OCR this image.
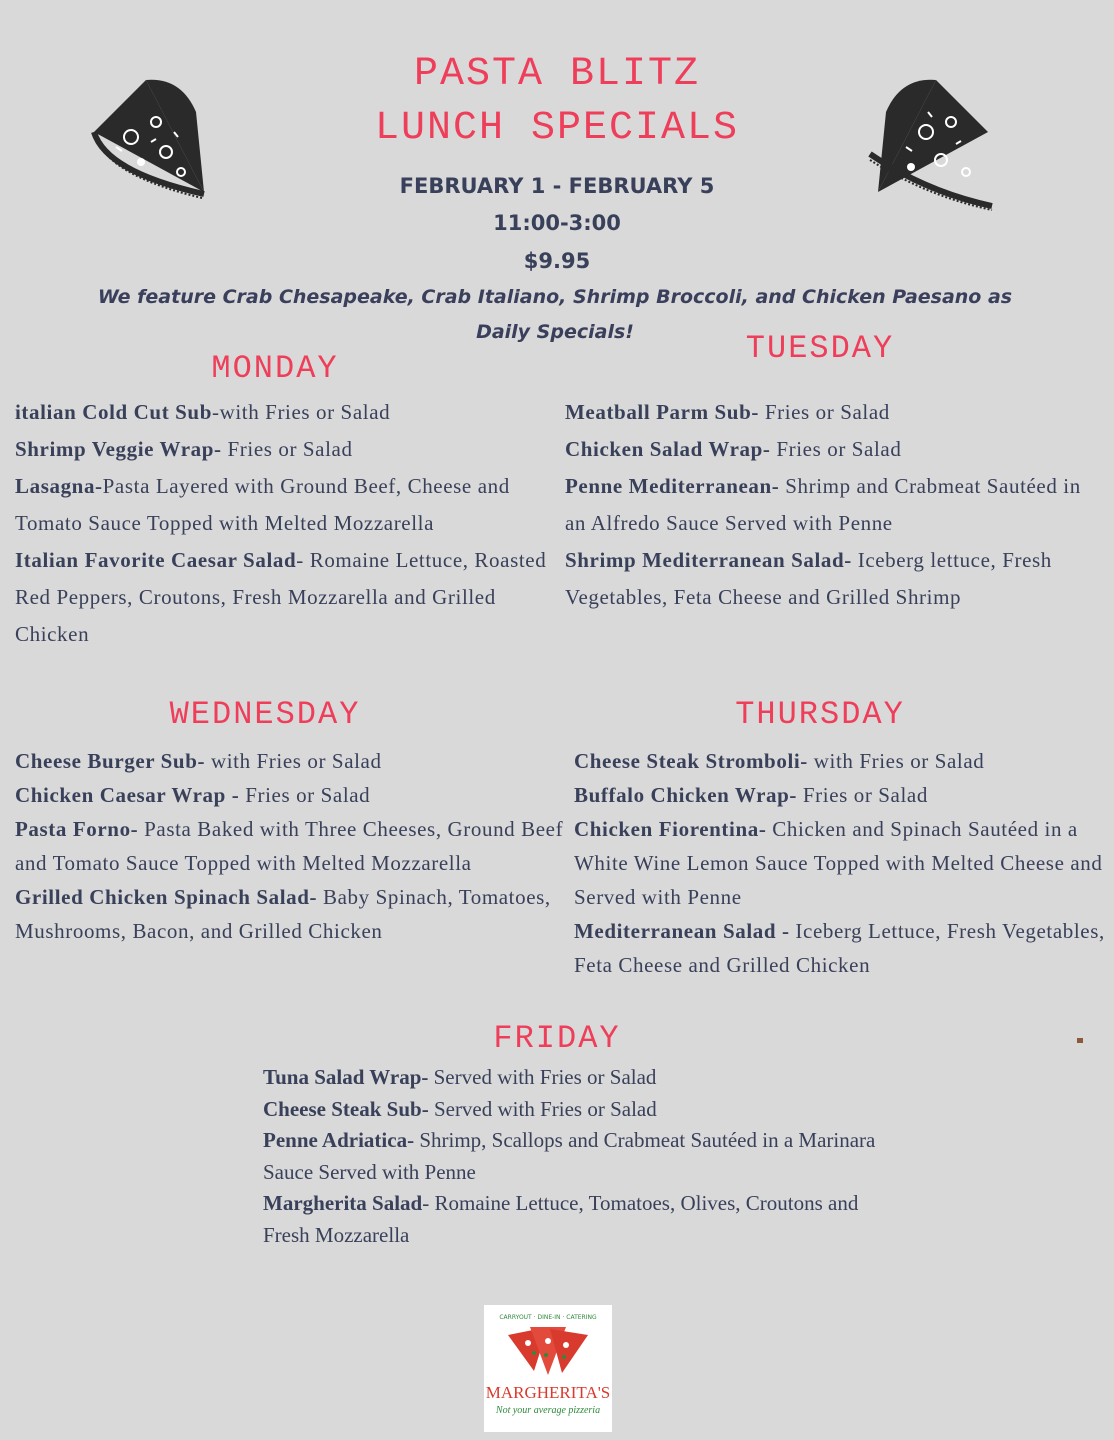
PASTA BLITZ
LUNCH SPECIALS
FEBRUARY 1 - FEBRUARY 5
11:00-3:00
$9.95
We feature Crab Chesapeake, Crab Italiano, Shrimp Broccoli, and Chicken Paesano as
Daily Specials!
MONDAY

italian Cold Cut Sub-with Fries or Salad

Shrimp Veggie Wrap- Fries or Salad

Lasagna-Pasta Layered with Ground Beef, Cheese and Tomato Sauce Topped with Melted Mozzarella

Italian Favorite Caesar Salad- Romaine Lettuce, Roasted Red Peppers, Croutons, Fresh Mozzarella and Grilled Chicken

TUESDAY

Meatball Parm Sub- Fries or Salad

Chicken Salad Wrap- Fries or Salad

Penne Mediterranean- Shrimp and Crabmeat Sautéed in an Alfredo Sauce Served with Penne

Shrimp Mediterranean Salad- Iceberg lettuce, Fresh Vegetables, Feta Cheese and Grilled Shrimp

WEDNESDAY

Cheese Burger Sub- with Fries or Salad

Chicken Caesar Wrap - Fries or Salad

Pasta Forno- Pasta Baked with Three Cheeses, Ground Beef and Tomato Sauce Topped with Melted Mozzarella

Grilled Chicken Spinach Salad- Baby Spinach, Tomatoes, Mushrooms, Bacon, and Grilled Chicken

THURSDAY

Cheese Steak Stromboli- with Fries or Salad

Buffalo Chicken Wrap- Fries or Salad

Chicken Fiorentina- Chicken and Spinach Sautéed in a White Wine Lemon Sauce Topped with Melted Cheese and Served with Penne

Mediterranean Salad - Iceberg Lettuce, Fresh Vegetables, Feta Cheese and Grilled Chicken

FRIDAY

Tuna Salad Wrap- Served with Fries or Salad

Cheese Steak Sub- Served with Fries or Salad

Penne Adriatica- Shrimp, Scallops and Crabmeat Sautéed in a Marinara Sauce Served with Penne

Margherita Salad- Romaine Lettuce, Tomatoes, Olives, Croutons and Fresh Mozzarella

CARRYOUT · DINE-IN · CATERING
MARGHERITA'S
Not your average pizzeria
